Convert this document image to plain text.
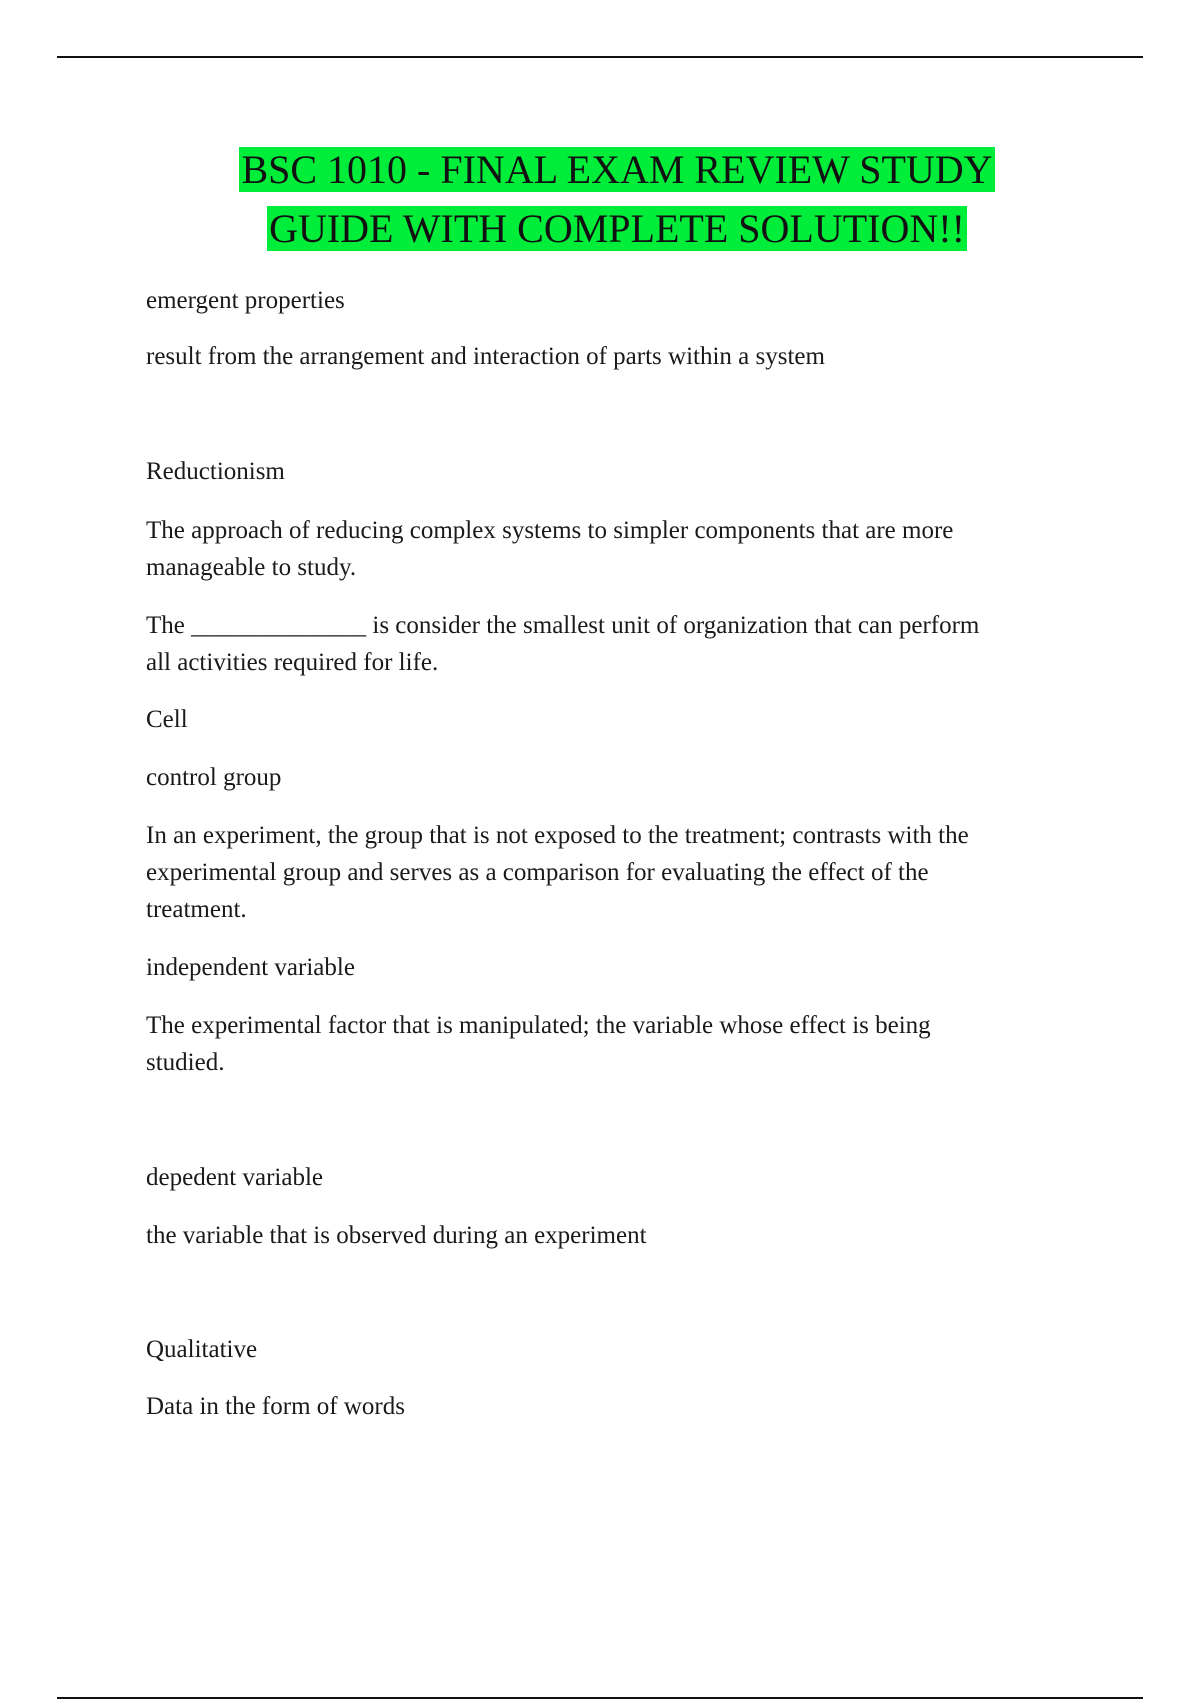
BSC 1010 - FINAL EXAM REVIEW STUDY
GUIDE WITH COMPLETE SOLUTION!!

emergent properties

result from the arrangement and interaction of parts within a system

Reductionism

The approach of reducing complex systems to simpler components that are more
manageable to study.

The ______________ is consider the smallest unit of organization that can perform
all activities required for life.

Cell

control group

In an experiment, the group that is not exposed to the treatment; contrasts with the
experimental group and serves as a comparison for evaluating the effect of the
treatment.

independent variable

The experimental factor that is manipulated; the variable whose effect is being
studied.

depedent variable

the variable that is observed during an experiment

Qualitative

Data in the form of words
